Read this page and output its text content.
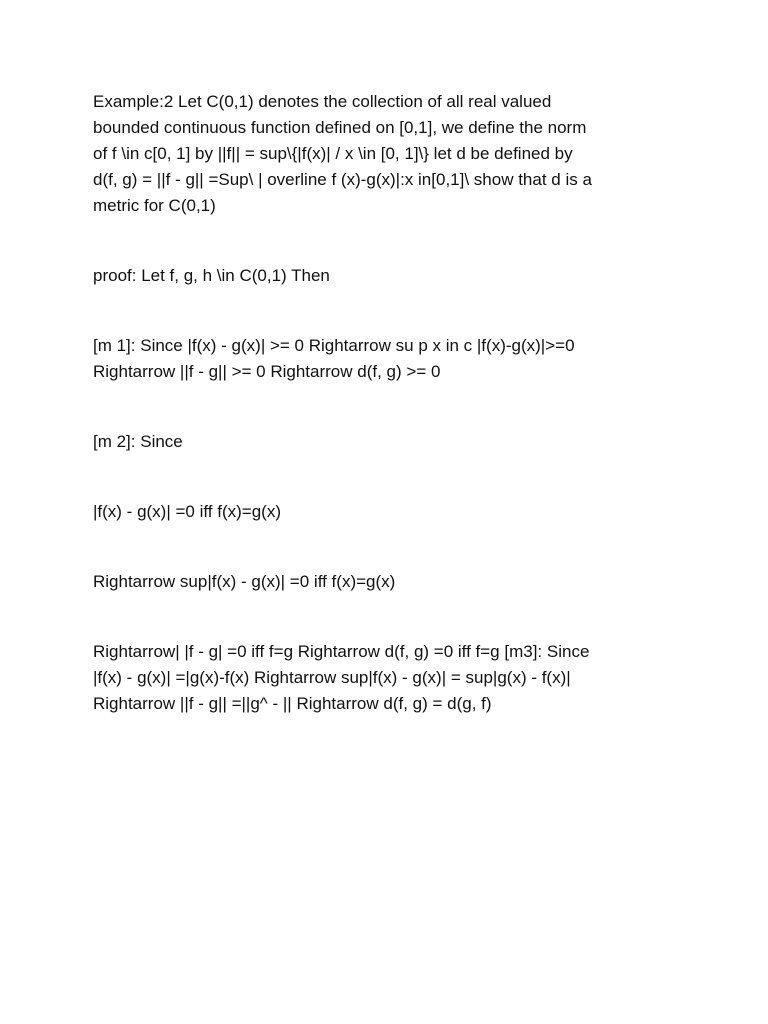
Example:2 Let C(0,1) denotes the collection of all real valued
bounded continuous function defined on [0,1], we define the norm
of f \in c[0, 1] by ||f|| = sup\{|f(x)| / x \in [0, 1]\} let d be defined by
d(f, g) = ||f - g|| =Sup\ | overline f (x)-g(x)|:x in[0,1]\ show that d is a
metric for C(0,1)

proof: Let f, g, h \in C(0,1) Then

[m 1]: Since |f(x) - g(x)| >= 0 Rightarrow su p x in c |f(x)-g(x)|>=0
Rightarrow ||f - g|| >= 0 Rightarrow d(f, g) >= 0

[m 2]: Since

|f(x) - g(x)| =0 iff f(x)=g(x)

Rightarrow sup|f(x) - g(x)| =0 iff f(x)=g(x)

Rightarrow| |f - g| =0 iff f=g Rightarrow d(f, g) =0 iff f=g [m3]: Since
|f(x) - g(x)| =|g(x)-f(x) Rightarrow sup|f(x) - g(x)| = sup|g(x) - f(x)|
Rightarrow ||f - g|| =||g^ - || Rightarrow d(f, g) = d(g, f)
